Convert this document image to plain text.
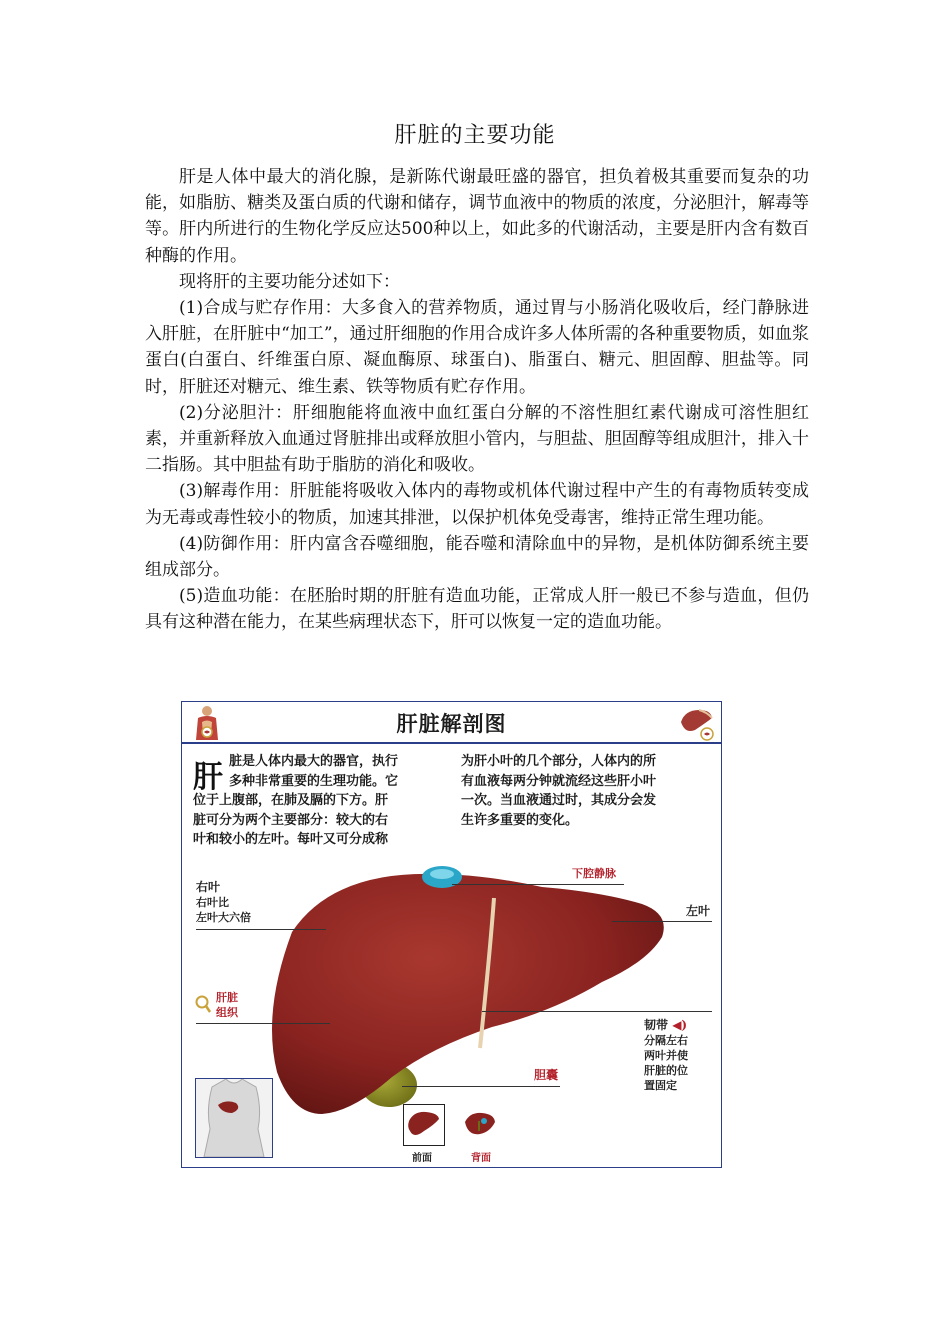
肝脏的主要功能

肝是人体中最大的消化腺，是新陈代谢最旺盛的器官，担负着极其重要而复杂的功能，如脂肪、糖类及蛋白质的代谢和储存，调节血液中的物质的浓度，分泌胆汁，解毒等等。肝内所进行的生物化学反应达500种以上，如此多的代谢活动，主要是肝内含有数百种酶的作用。

现将肝的主要功能分述如下：

(1)合成与贮存作用：大多食入的营养物质，通过胃与小肠消化吸收后，经门静脉进入肝脏，在肝脏中“加工”，通过肝细胞的作用合成许多人体所需的各种重要物质，如血浆蛋白(白蛋白、纤维蛋白原、凝血酶原、球蛋白)、脂蛋白、糖元、胆固醇、胆盐等。同时，肝脏还对糖元、维生素、铁等物质有贮存作用。

(2)分泌胆汁：肝细胞能将血液中血红蛋白分解的不溶性胆红素代谢成可溶性胆红素，并重新释放入血通过肾脏排出或释放胆小管内，与胆盐、胆固醇等组成胆汁，排入十二指肠。其中胆盐有助于脂肪的消化和吸收。

(3)解毒作用：肝脏能将吸收入体内的毒物或机体代谢过程中产生的有毒物质转变成为无毒或毒性较小的物质，加速其排泄，以保护机体免受毒害，维持正常生理功能。

(4)防御作用：肝内富含吞噬细胞，能吞噬和清除血中的异物，是机体防御系统主要组成部分。

(5)造血功能：在胚胎时期的肝脏有造血功能，正常成人肝一般已不参与造血，但仍具有这种潜在能力，在某些病理状态下，肝可以恢复一定的造血功能。

肝脏解剖图
肝 脏是人体内最大的器官，执行
多种非常重要的生理功能。它
位于上腹部，在肺及膈的下方。肝
脏可分为两个主要部分：较大的右
叶和较小的左叶。每叶又可分成称
为肝小叶的几个部分，人体内的所
有血液每两分钟就流经这些肝小叶
一次。当血液通过时，其成分会发
生许多重要的变化。
右叶
右叶比
左叶大六倍
肝脏
组织
下腔静脉
左叶
韧带 ◀)
分隔左右
两叶并使
肝脏的位
置固定
胆囊
前面	背面
